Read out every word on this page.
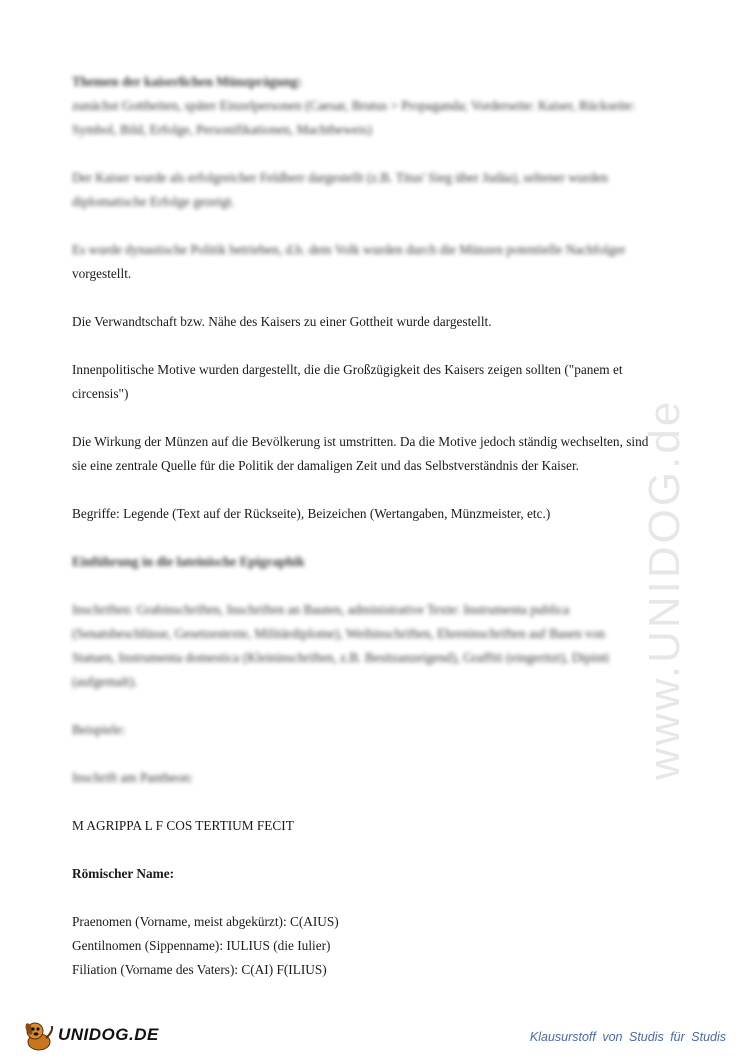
www.UNIDOG.de

Themen der kaiserlichen Münzprägung:

zunächst Gottheiten, später Einzelpersonen (Caesar, Brutus > Propaganda; Vorderseite: Kaiser, Rückseite:

Symbol, Bild, Erfolge, Personifikationen, Machtbeweis)

Der Kaiser wurde als erfolgreicher Feldherr dargestellt (z.B. Titus' Sieg über Judäa), seltener wurden

diplomatische Erfolge gezeigt.

Es wurde dynastische Politik betrieben, d.h. dem Volk wurden durch die Münzen potentielle Nachfolger

vorgestellt.

Die Verwandtschaft bzw. Nähe des Kaisers zu einer Gottheit wurde dargestellt.

Innenpolitische Motive wurden dargestellt, die die Großzügigkeit des Kaisers zeigen sollten ("panem et

circensis")

Die Wirkung der Münzen auf die Bevölkerung ist umstritten. Da die Motive jedoch ständig wechselten, sind

sie eine zentrale Quelle für die Politik der damaligen Zeit und das Selbstverständnis der Kaiser.

Begriffe: Legende (Text auf der Rückseite), Beizeichen (Wertangaben, Münzmeister, etc.)

Einführung in die lateinische Epigraphik

Inschriften: Grabinschriften, Inschriften an Bauten, administrative Texte: Instrumenta publica

(Senatsbeschlüsse, Gesetzestexte, Militärdiplome), Weihinschriften, Ehreninschriften auf Basen von

Statuen, Instrumenta domestica (Kleininschriften, z.B. Besitzanzeigend), Graffiti (eingeritzt), Dipinti

(aufgemalt).

Beispiele:

Inschrift am Pantheon:

M AGRIPPA L F COS TERTIUM FECIT

Römischer Name:

Praenomen (Vorname, meist abgekürzt): C(AIUS)

Gentilnomen (Sippenname): IULIUS (die Iulier)

Filiation (Vorname des Vaters): C(AI) F(ILIUS)

UNIDOG.DE	Klausurstoff von Studis für Studis
